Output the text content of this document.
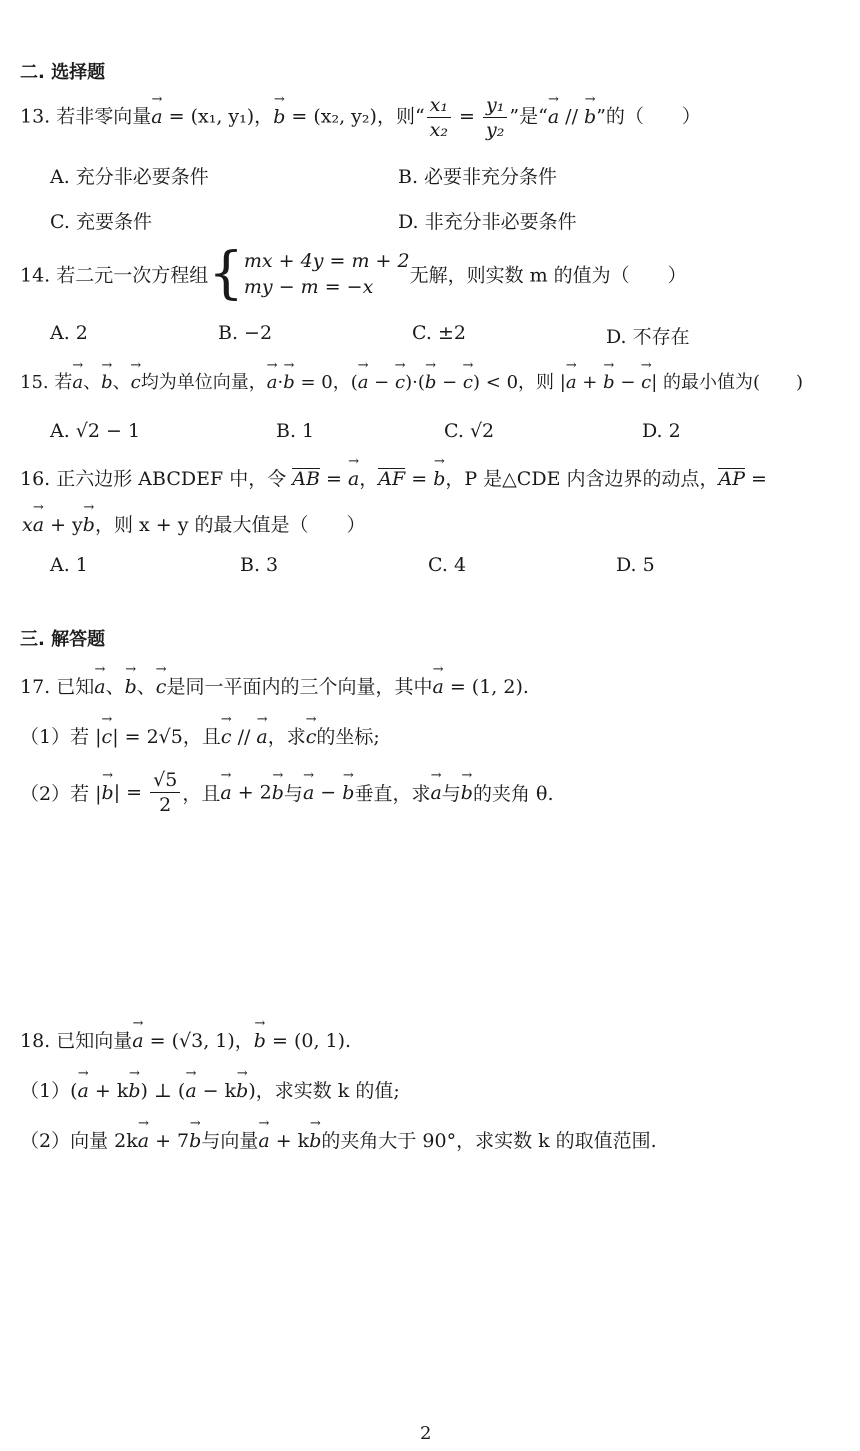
二. 选择题
13. 若非零向量→ a = (x₁, y₁)，→ b = (x₂, y₂)，则“ $\frac{\text{x₁}}{\text{x₂}} = \frac{\text{y₁}}{\text{y₂}}$ ”是“→ a // → b”的（　　）
A. 充分非必要条件	B. 必要非充分条件
C. 充要条件	D. 非充分非必要条件
14. 若二元一次方程组{ mx + 4y = m + 2
my − m = −x
无解，则实数 m 的值为（　　）
A. 2	B. −2	C. ±2	D. 不存在
15. 若→ a、→ b、→ c均为单位向量，→ a·→ b = 0，(→ a − → c)·(→ b − → c) < 0，则 |→ a + → b − → c| 的最小值为(　　)
A. √2 − 1	B. 1	C. √2	D. 2
16. 正六边形 ABCDEF 中，令 AB = → a，AF = → b，P 是△CDE 内含边界的动点，AP =
x→ a + y→ b，则 x + y 的最大值是（　　）
A. 1	B. 3	C. 4	D. 5
三. 解答题
17. 已知→ a、→ b、→ c是同一平面内的三个向量，其中→ a = (1, 2).
（1）若 |→ c| = 2√5，且→ c // → a，求→ c的坐标;
（2）若 |→ $b| = \frac{√5}{2}$ ，且→ a + 2→ b与→ a − → b垂直，求→ a与→ b的夹角 θ.
18. 已知向量→ a = (√3, 1)，→ b = (0, 1).
（1）(→ a + k→ b) ⊥ (→ a − k→ b)，求实数 k 的值;
（2）向量 2k→ a + 7→ b与向量→ a + k→ b的夹角大于 90°，求实数 k 的取值范围.
2
